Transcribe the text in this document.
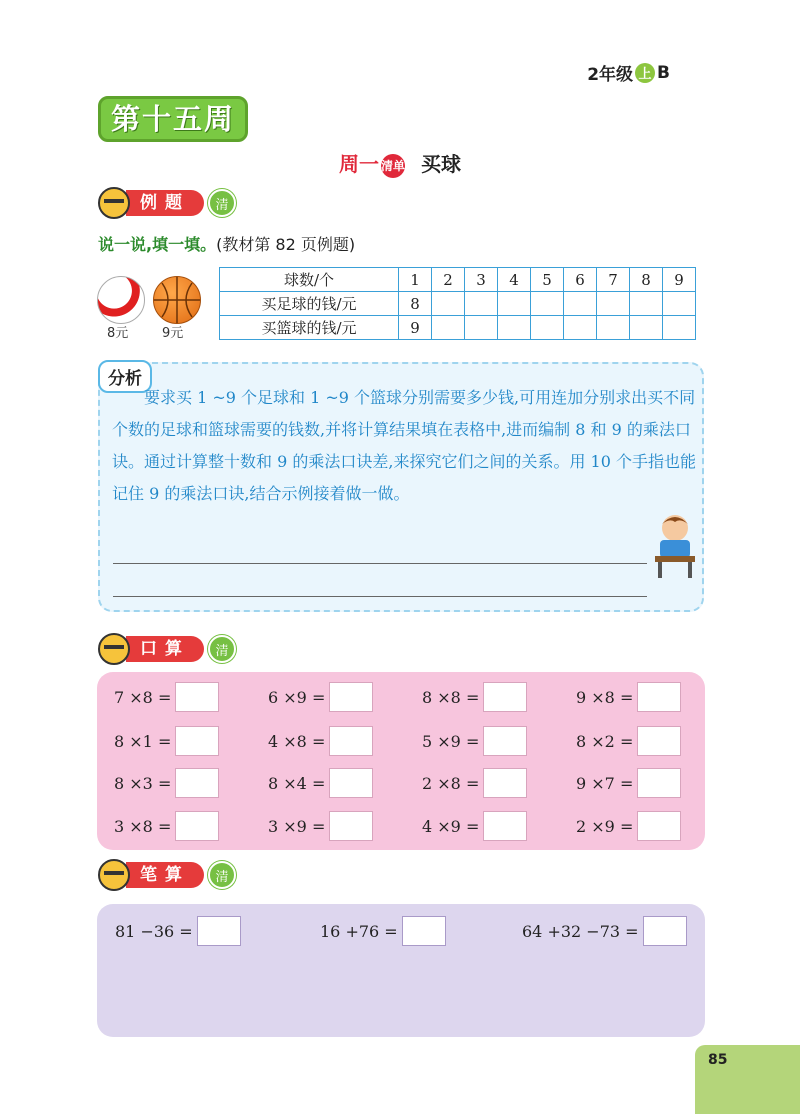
2年级 上 B
第十五周
周一 清单 买球
例题	清
说一说,填一填。(教材第 82 页例题)
8元	9元
球数/个	1	2	3	4	5	6	7	8	9
买足球的钱/元	8								
买篮球的钱/元	9								
分析
要求买 1 ~9 个足球和 1 ~9 个篮球分别需要多少钱,可用连加分别求出买不同个数的足球和篮球需要的钱数,并将计算结果填在表格中,进而编制 8 和 9 的乘法口诀。通过计算整十数和 9 的乘法口诀差,来探究它们之间的关系。用 10 个手指也能记住 9 的乘法口诀,结合示例接着做一做。
口算	清
7 ×8 =	6 ×9 =	8 ×8 =	9 ×8 =
8 ×1 =	4 ×8 =	5 ×9 =	8 ×2 =
8 ×3 =	8 ×4 =	2 ×8 =	9 ×7 =
3 ×8 =	3 ×9 =	4 ×9 =	2 ×9 =
笔算	清
81 −36 =	16 +76 =	64 +32 −73 =
85
